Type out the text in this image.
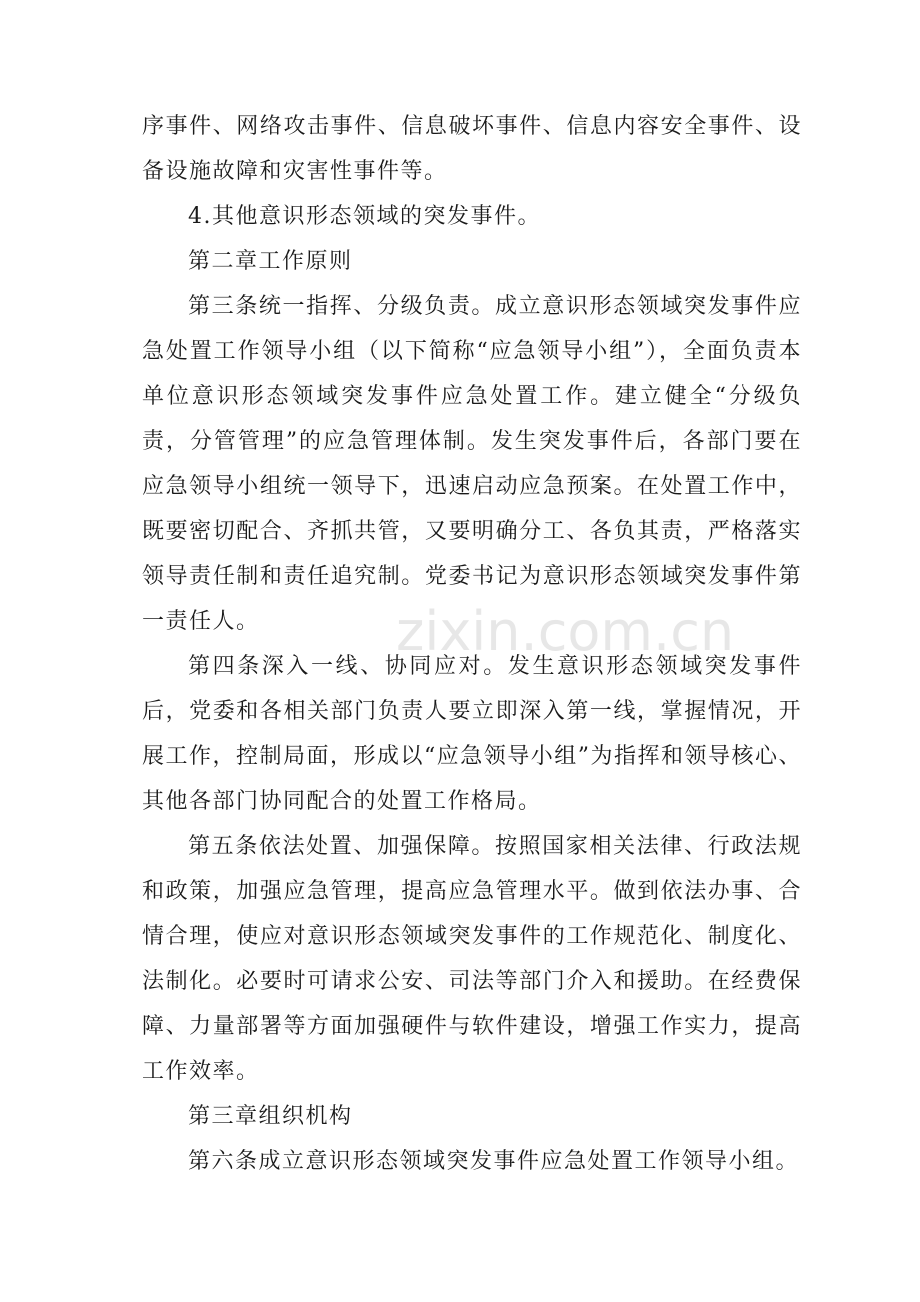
序事件、网络攻击事件、信息破坏事件、信息内容安全事件、设备设施故障和灾害性事件等。

4.其他意识形态领域的突发事件。

第二章工作原则

第三条统一指挥、分级负责。成立意识形态领域突发事件应急处置工作领导小组（以下简称“应急领导小组”），全面负责本单位意识形态领域突发事件应急处置工作。建立健全“分级负责，分管管理”的应急管理体制。发生突发事件后，各部门要在应急领导小组统一领导下，迅速启动应急预案。在处置工作中，既要密切配合、齐抓共管，又要明确分工、各负其责，严格落实领导责任制和责任追究制。党委书记为意识形态领域突发事件第一责任人。

第四条深入一线、协同应对。发生意识形态领域突发事件后，党委和各相关部门负责人要立即深入第一线，掌握情况，开展工作，控制局面，形成以“应急领导小组”为指挥和领导核心、其他各部门协同配合的处置工作格局。

第五条依法处置、加强保障。按照国家相关法律、行政法规和政策，加强应急管理，提高应急管理水平。做到依法办事、合情合理，使应对意识形态领域突发事件的工作规范化、制度化、法制化。必要时可请求公安、司法等部门介入和援助。在经费保障、力量部署等方面加强硬件与软件建设，增强工作实力，提高工作效率。

第三章组织机构

第六条成立意识形态领域突发事件应急处置工作领导小组。

zixin.com.cn
